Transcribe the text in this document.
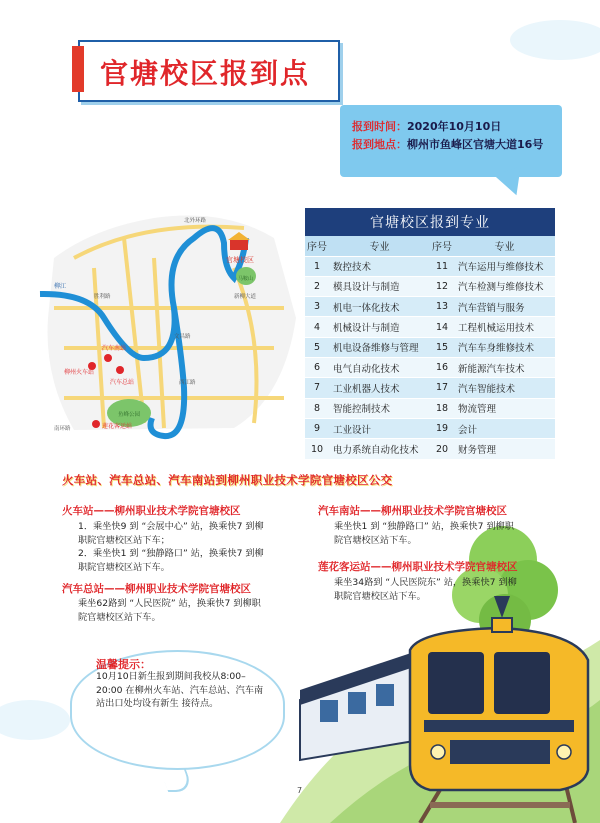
官塘校区报到点
报到时间：2020年10月10日
报到地点：柳州市鱼峰区官塘大道16号
官塘校区
汽车南站
柳州火车站
汽车总站
莲花客运站
柳江
北外环路
新柳大道
文昌路
西江路
胜利路
南环路
鱼峰公园
马鞍山
官塘校区报到专业			
序号	专业	序号	专业
1	数控技术	11	汽车运用与维修技术
2	模具设计与制造	12	汽车检测与维修技术
3	机电一体化技术	13	汽车营销与服务
4	机械设计与制造	14	工程机械运用技术
5	机电设备维修与管理	15	汽车车身维修技术
6	电气自动化技术	16	新能源汽车技术
7	工业机器人技术	17	汽车智能技术
8	智能控制技术	18	物流管理
9	工业设计	19	会计
10	电力系统自动化技术	20	财务管理
火车站、汽车总站、汽车南站到柳州职业技术学院官塘校区公交
火车站——柳州职业技术学院官塘校区
1．乘坐快9 到 “会展中心” 站，换乘快7 到柳
职院官塘校区站下车；
2．乘坐快1 到 “独静路口” 站，换乘快7 到柳
职院官塘校区站下车。
汽车总站——柳州职业技术学院官塘校区
乘坐62路到 “人民医院” 站，换乘快7 到柳职
院官塘校区站下车。
汽车南站——柳州职业技术学院官塘校区
乘坐快1 到 “独静路口” 站，换乘快7 到柳职
院官塘校区站下车。
莲花客运站——柳州职业技术学院官塘校区
乘坐34路到 “人民医院东” 站，换乘快7 到柳
职院官塘校区站下车。
温馨提示：
10月10日新生报到期间我校从8:00–20:00 在柳州火车站、汽车总站、汽车南站出口处均设有新生 接待点。
7
